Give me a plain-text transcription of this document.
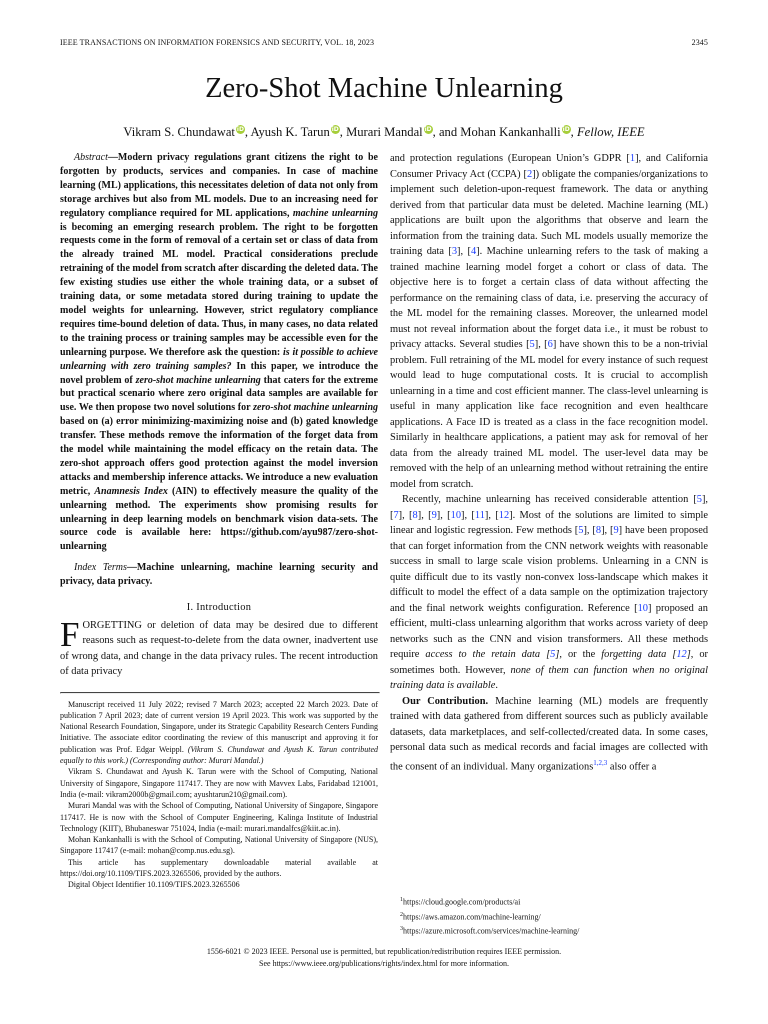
IEEE TRANSACTIONS ON INFORMATION FORENSICS AND SECURITY, VOL. 18, 2023	2345
Zero-Shot Machine Unlearning
Vikram S. Chundawat iD, Ayush K. Tarun iD, Murari Mandal iD, and Mohan Kankanhalli iD, Fellow, IEEE

Abstract—Modern privacy regulations grant citizens the right to be forgotten by products, services and companies. In case of machine learning (ML) applications, this necessitates deletion of data not only from storage archives but also from ML models. Due to an increasing need for regulatory compliance required for ML applications, machine unlearning is becoming an emerging research problem. The right to be forgotten requests come in the form of removal of a certain set or class of data from the already trained ML model. Practical considerations preclude retraining of the model from scratch after discarding the deleted data. The few existing studies use either the whole training data, or a subset of training data, or some metadata stored during training to update the model weights for unlearning. However, strict regulatory compliance requires time-bound deletion of data. Thus, in many cases, no data related to the training process or training samples may be accessible even for the unlearning purpose. We therefore ask the question: is it possible to achieve unlearning with zero training samples? In this paper, we introduce the novel problem of zero-shot machine unlearning that caters for the extreme but practical scenario where zero original data samples are available for use. We then propose two novel solutions for zero-shot machine unlearning based on (a) error minimizing-maximizing noise and (b) gated knowledge transfer. These methods remove the information of the forget data from the model while maintaining the model efficacy on the retain data. The zero-shot approach offers good protection against the model inversion attacks and membership inference attacks. We introduce a new evaluation metric, Anamnesis Index (AIN) to effectively measure the quality of the unlearning method. The experiments show promising results for unlearning in deep learning models on benchmark vision data-sets. The source code is available here: https://github.com/ayu987/zero-shot-unlearning

Index Terms—Machine unlearning, machine learning security and privacy, data privacy.

I. Introduction

FORGETTING or deletion of data may be desired due to different reasons such as request-to-delete from the data owner, inadvertent use of wrong data, and change in the data privacy rules. The recent introduction of data privacy

Manuscript received 11 July 2022; revised 7 March 2023; accepted 22 March 2023. Date of publication 7 April 2023; date of current version 19 April 2023. This work was supported by the National Research Foundation, Singapore, under its Strategic Capability Research Centers Funding Initiative. The associate editor coordinating the review of this manuscript and approving it for publication was Prof. Edgar Weippl. (Vikram S. Chundawat and Ayush K. Tarun contributed equally to this work.) (Corresponding author: Murari Mandal.)

Vikram S. Chundawat and Ayush K. Tarun were with the School of Computing, National University of Singapore, Singapore 117417. They are now with Mavvex Labs, Faridabad 121001, India (e-mail: vikram2000b@gmail.com; ayushtarun210@gmail.com).

Murari Mandal was with the School of Computing, National University of Singapore, Singapore 117417. He is now with the School of Computer Engineering, Kalinga Institute of Industrial Technology (KIIT), Bhubaneswar 751024, India (e-mail: murari.mandalfcs@kiit.ac.in).

Mohan Kankanhalli is with the School of Computing, National University of Singapore (NUS), Singapore 117417 (e-mail: mohan@comp.nus.edu.sg).

This article has supplementary downloadable material available at https://doi.org/10.1109/TIFS.2023.3265506, provided by the authors.

Digital Object Identifier 10.1109/TIFS.2023.3265506

and protection regulations (European Union’s GDPR [1], and California Consumer Privacy Act (CCPA) [2]) obligate the companies/organizations to implement such deletion-upon-request framework. The data or anything derived from that particular data must be deleted. Machine learning (ML) applications are built upon the algorithms that observe and learn the information from the training data. Such ML models usually memorize the training data [3], [4]. Machine unlearning refers to the task of making a trained machine learning model forget a cohort or class of data. The objective here is to forget a certain class of data without affecting the performance on the remaining class of data, i.e. preserving the accuracy of the ML model for the remaining classes. Moreover, the unlearned model must not reveal information about the forget data i.e., it must be robust to privacy attacks. Several studies [5], [6] have shown this to be a non-trivial problem. Full retraining of the ML model for every instance of such request would lead to huge computational costs. It is crucial to accomplish unlearning in a time and cost efficient manner. The class-level unlearning is useful in many application like face recognition and even healthcare applications. A Face ID is treated as a class in the face recognition model. Similarly in healthcare applications, a patient may ask for removal of her data from the already trained ML model. The user-level data may be removed with the help of an unlearning method without retraining the entire model from scratch.

Recently, machine unlearning has received considerable attention [5], [7], [8], [9], [10], [11], [12]. Most of the solutions are limited to simple linear and logistic regression. Few methods [5], [8], [9] have been proposed that can forget information from the CNN network weights with reasonable success in small to large scale vision problems. Unlearning in a CNN is quite difficult due to its vastly non-convex loss-landscape which makes it difficult to model the effect of a data sample on the optimization trajectory and the final network weights configuration. Reference [10] proposed an efficient, multi-class unlearning algorithm that works across variety of deep networks such as the CNN and vision transformers. All these methods require access to the retain data [5], or the forgetting data [12], or sometimes both. However, none of them can function when no original training data is available.

Our Contribution. Machine learning (ML) models are frequently trained with data gathered from different sources such as publicly available datasets, data marketplaces, and self-collected/created data. In some cases, personal data such as medical records and facial images are collected with the consent of an individual. Many organizations$^{1,2,3}$ also offer a

$^1$https://cloud.google.com/products/ai
$^2$https://aws.amazon.com/machine-learning/
$^3$https://azure.microsoft.com/services/machine-learning/
1556-6021 © 2023 IEEE. Personal use is permitted, but republication/redistribution requires IEEE permission.
See https://www.ieee.org/publications/rights/index.html for more information.
